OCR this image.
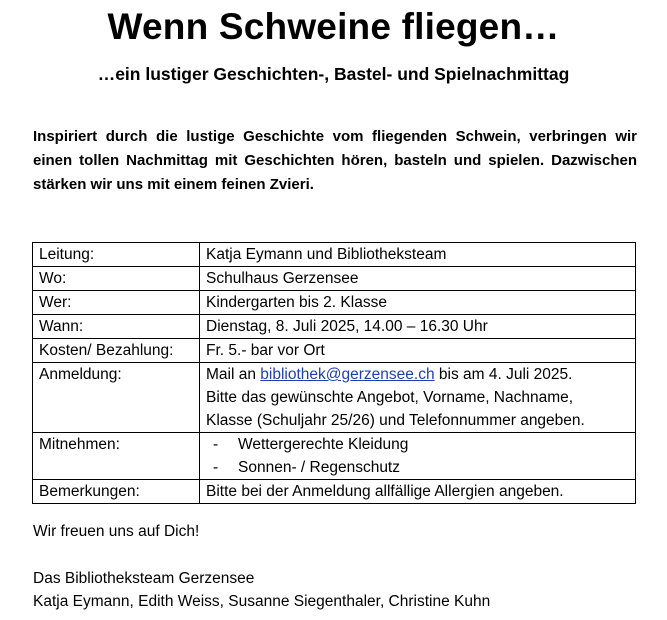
Wenn Schweine fliegen…
…ein lustiger Geschichten-, Bastel- und Spielnachmittag
Inspiriert durch die lustige Geschichte vom fliegenden Schwein, verbringen wir einen tollen Nachmittag mit Geschichten hören, basteln und spielen. Dazwischen stärken wir uns mit einem feinen Zvieri.
Leitung:	Katja Eymann und Bibliotheksteam
Wo:	Schulhaus Gerzensee
Wer:	Kindergarten bis 2. Klasse
Wann:	Dienstag, 8. Juli 2025, 14.00 – 16.30 Uhr
Kosten/ Bezahlung:	Fr. 5.- bar vor Ort
Anmeldung:	Mail an bibliothek@gerzensee.ch bis am 4. Juli 2025.
Bitte das gewünschte Angebot, Vorname, Nachname,
Klasse (Schuljahr 25/26) und Telefonnummer angeben.

Mitnehmen:	- Wettergerechte Kleidung
- Sonnen- / Regenschutz

Bemerkungen:	Bitte bei der Anmeldung allfällige Allergien angeben.
Wir freuen uns auf Dich!
Das Bibliotheksteam Gerzensee
Katja Eymann, Edith Weiss, Susanne Siegenthaler, Christine Kuhn
